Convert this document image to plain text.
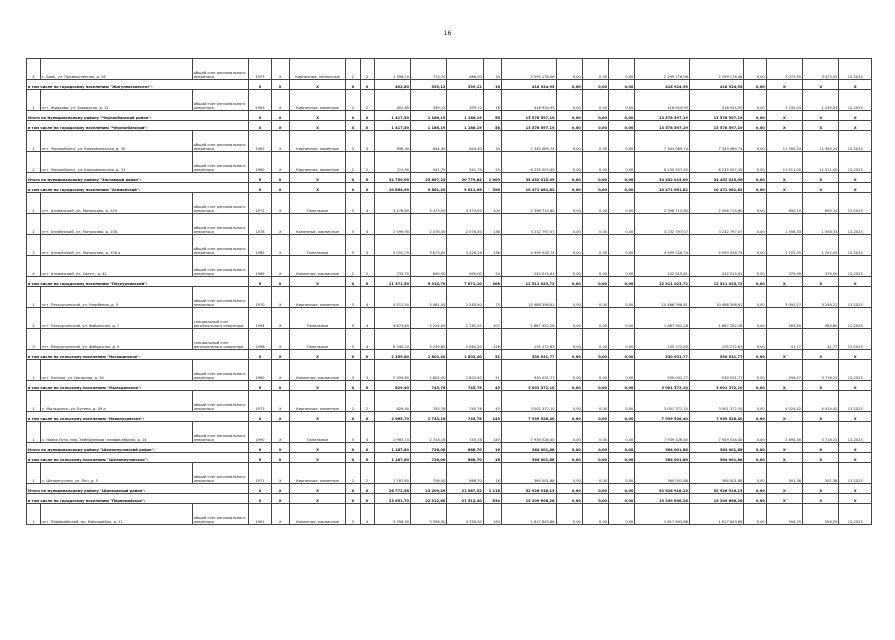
16
4	с. Баяк, ул. Промышленная, д. 26	общий счет регионального оператора	1973	Х	Кирпичные, панельные	2	2	1 398,10	713,70	686,00	33	2 299 176,06	0,00	0,00	0,00	2 299 176,06	2 299 176,06	0,00	3 073,55	3 073,55	12.2023
в том числе по городскому поселению "Жигулевскиеселт":			Х	Х	Х	Х	Х	402,80	339,12	339,12	16	418 924,95	0,00	0,00	0,00	418 924,95	418 924,95	0,00	Х	Х	Х
1	пгт. Жидкова, ул. Заводская, д. 12	общий счет регионального оператора	1963	Х	Кирпичные, каменные	2	2	402,80	339,12	339,12	16	418 924,95	0,00	0,00	0,00	418 924,95	418 924,95	0,00	1 235,03	1 235,03	12.2023
Итого по муниципальному району "Черлакбанский район":			Х	Х	Х	Х	Х	1 417,50	1 186,19	1 186,19	58	13 578 597,19	0,00	0,00	0,00	13 578 597,19	13 578 597,19	0,00	Х	Х	Х
в том числе по городскому поселению "Черлакбанский":			Х	Х	Х	Х	Х	1 417,50	1 186,19	1 186,19	58	13 578 597,19	0,00	0,00	0,00	13 578 597,19	13 578 597,19	0,00	Х	Х	Х
1	пгт. Черлакбанск, ул. Комсомольская, д. 30	общий счет регионального оператора	1962	Х	Кирпичные, каменные	3	3	696,40	644,40	644,40	33	7 343 089,74	0,00	0,00	0,00	7 343 089,74	7 343 089,74	0,00	11 395,24	11 395,24	12.2023
2	пгт. Черлакбанск, ул. Комсомольская, д. 31	общий счет регионального оператора	1960	Х	Кирпичные, каменные	2	2	721,90	541,79	541,79	25	6 235 507,45	0,00	0,00	0,00	6 235 507,45	6 235 507,45	0,00	11 511,00	11 511,00	12.2023
Итого по муниципальному району "Заставный район":			Х	Х	Х	Х	Х	32 759,90	25 867,24	20 779,84	1 009	34 452 015,09	0,00	0,00	0,00	34 452 015,09	34 452 015,09	0,00	Х	Х	Х
в том числе по городскому поселению "Атиманский":			Х	Х	Х	Х	Х	10 864,90	9 861,20	9 611,96	396	10 471 061,82	0,00	0,00	0,00	10 471 061,82	10 471 061,82	0,00	Х	Х	Х
1	пгт. Атиманский, ул. Матросова, д. 129	общий счет регионального оператора	1972	Х	Панельные	5	4	3 478,60	3 473,00	3 473,00	100	2 396 715,80	0,00	0,00	0,00	2 396 715,80	2 396 715,80	0,00	690,10	690,10	12.2023
2	пгт. Атиманский, ул. Матросова, д. 158	общий счет регионального оператора	1978	Х	Каменные, кирпичные	5	4	2 599,90	2 076,30	2 076,30	136	3 232 797,07	0,00	0,00	0,00	3 232 797,07	3 232 797,07	0,00	1 558,33	1 558,33	12.2023
3	пгт. Атиманский, ул. Матросова, д. 158 а	общий счет регионального оператора	1985	Х	Панельные	5	3	4 052,70	3 673,00	3 426,18	136	4 599 528,74	0,00	0,00	0,00	4 599 528,74	4 599 528,74	0,00	1 252,05	1 252,05	12.2023
4	пгт. Атиманский, ул. Светл., д. 42	общий счет регионального оператора	1969	Х	Каменные, кирпичные	2	2	733,70	640,90	640,00	24	242 015,61	0,00	0,00	0,00	242 015,61	242 015,61	0,00	379,09	379,09	12.2023
в том числе по городскому поселению "Пехкурчинский":			Х	Х	Х	Х	Х	11 371,50	9 914,70	7 671,10	308	12 511 023,72	0,00	0,00	0,00	12 511 023,72	12 511 023,72	0,00	Х	Х	Х
1	пгт. Пехкурчинский, ул. Узорбёная, д. 5	общий счет регионального оператора	1970	Х	Кирпичные, каменные	5	4	4 512,50	3 461,00	2 283,90	75	10 488 398,61	0,00	0,00	0,00	10 488 398,61	10 488 398,61	0,00	3 092,27	3 248,22	12.2023
2	пгт. Пехкурчинский, ул. Фабричная, д. 7	специальный счет регионального оператора	1994	Х	Панельные	5	4	4 673,80	3 224,00	2 781,00	107	1 887 352,28	0,00	0,00	0,00	1 887 352,28	1 887 352,28	0,00	583,60	583,60	12.2023
3	пгт. Пехкурчинский, ул. Фабричная, д. 9	специальный счет регионального оператора	1996	Х	Панельные	5	4	6 340,20	3 239,80	2 984,20	126	135 272,83	0,00	0,00	0,00	135 272,83	135 272,83	0,00	41,77	41,77	12.2023
в том числе по сельскому поселению "Нагошинское":			Х	Х	Х	Х	Х	2 359,80	1 802,40	1 802,40	51	530 031,77	0,00	0,00	0,00	530 031,77	530 031,77	0,00	Х	Х	Х
1	пгт. Нагоша, ул. Нагорная, д. 34	общий счет регионального оператора	1960	Х	Каменные, кирпичные	3	3	2 359,80	1 802,40	1 802,40	51	530 031,77	0,00	0,00	0,00	530 031,77	530 031,77	0,00	294,07	3 718,22	12.2023
в том числе по сельскому поселению "Мыльцинское":			Х	Х	Х	Х	Х	829,40	745,76	745,76	45	3 001 372,10	0,00	0,00	0,00	3 001 372,10	3 001 372,10	0,00	Х	Х	Х
1	с. Мыльцинск, ул. Бутина, д. 49 а	общий счет регионального оператора	1973	Х	Кирпичные, каменные	2	2	829,40	745,76	745,76	45	3 001 372,10	0,00	0,00	0,00	3 001 372,10	3 001 372,10	0,00	4 024,42	4 024,42	12.2023
в том числе по сельскому поселению "Новонусинское":			Х	Х	Х	Х	Х	2 965,70	2 743,16	745,78	145	7 939 526,40	0,00	0,00	0,00	7 939 526,40	7 939 526,40	0,00	Х	Х	Х
1	с. Новая Луза, пер. Зейндумская газифицтбрика, д. 14	общий счет регионального оператора	1990	Х	Панельные	5	4	2 965,70	2 743,16	745,78	145	7 939 526,40	0,00	0,00	0,00	7 939 526,40	7 939 526,40	0,00	2 894,30	3 718,22	12.2023
Итого по муниципальному району "Шелоппугинский район":			Х	Х	Х	Х	Х	1 187,60	726,00	666,70	16	364 001,88	0,00	0,00	0,00	364 001,88	364 001,88	0,00	Х	Х	Х
в том числе по сельскому поселению "Шелоппугинское":			Х	Х	Х	Х	Х	1 187,60	726,00	666,70	16	364 001,88	0,00	0,00	0,00	364 001,88	364 001,88	0,00	Х	Х	Х
1	с. Шелоппугино, ул. Лоч, д. 5	общий счет регионального оператора	1971	Х	Кирпичные, каменные	2	2	1 187,60	726,00	666,70	16	364 001,88	0,00	0,00	0,00	364 001,88	364 001,88	0,00	501,38	501,38	12.2023
Итого по муниципальному району "Шилковский район":			Х	Х	Х	Х	Х	26 772,56	23 209,49	21 587,52	1 116	52 926 916,13	0,00	0,00	0,00	52 926 916,13	52 926 916,13	0,00	Х	Х	Х
в том числе по городскому поселению "Первомайское":			Х	Х	Х	Х	Х	23 651,70	22 512,60	21 512,40	834	15 209 698,26	0,00	0,00	0,00	15 209 698,26	15 209 698,26	0,00	Х	Х	Х
1	пгт. Первомайский, мк. Микрорайон, д. 11	общий счет регионального оператора	1961	Х	Каменные, кирпичные	5	4	3 356,30	3 356,30	3 356,30	150	1 617 843,86	0,00	0,00	0,00	1 617 843,86	1 617 843,86	0,00	556,25	556,25	12.2023
